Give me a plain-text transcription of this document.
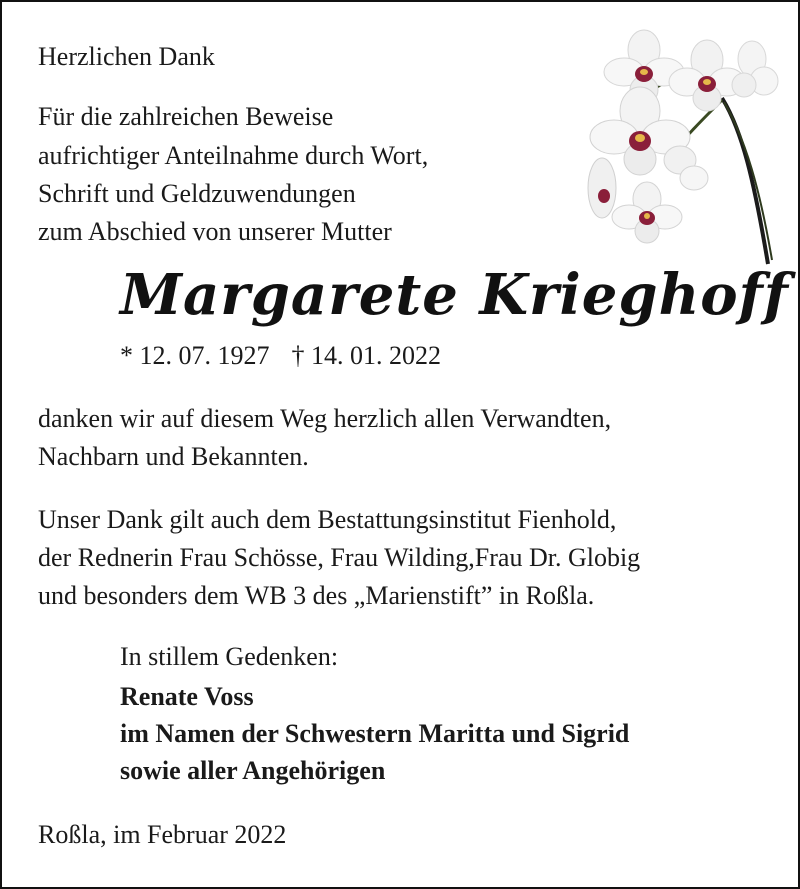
Herzlichen Dank

Für die zahlreichen Beweise

aufrichtiger Anteilnahme durch Wort,

Schrift und Geldzuwendungen

zum Abschied von unserer Mutter

Margarete Krieghoff
* 12. 07. 1927 † 14. 01. 2022

danken wir auf diesem Weg herzlich allen Verwandten,

Nachbarn und Bekannten.

Unser Dank gilt auch dem Bestattungsinstitut Fienhold,

der Rednerin Frau Schösse, Frau Wilding,Frau Dr. Globig

und besonders dem WB 3 des „Marienstift” in Roßla.

In stillem Gedenken:

Renate Voss

im Namen der Schwestern Maritta und Sigrid

sowie aller Angehörigen

Roßla, im Februar 2022
